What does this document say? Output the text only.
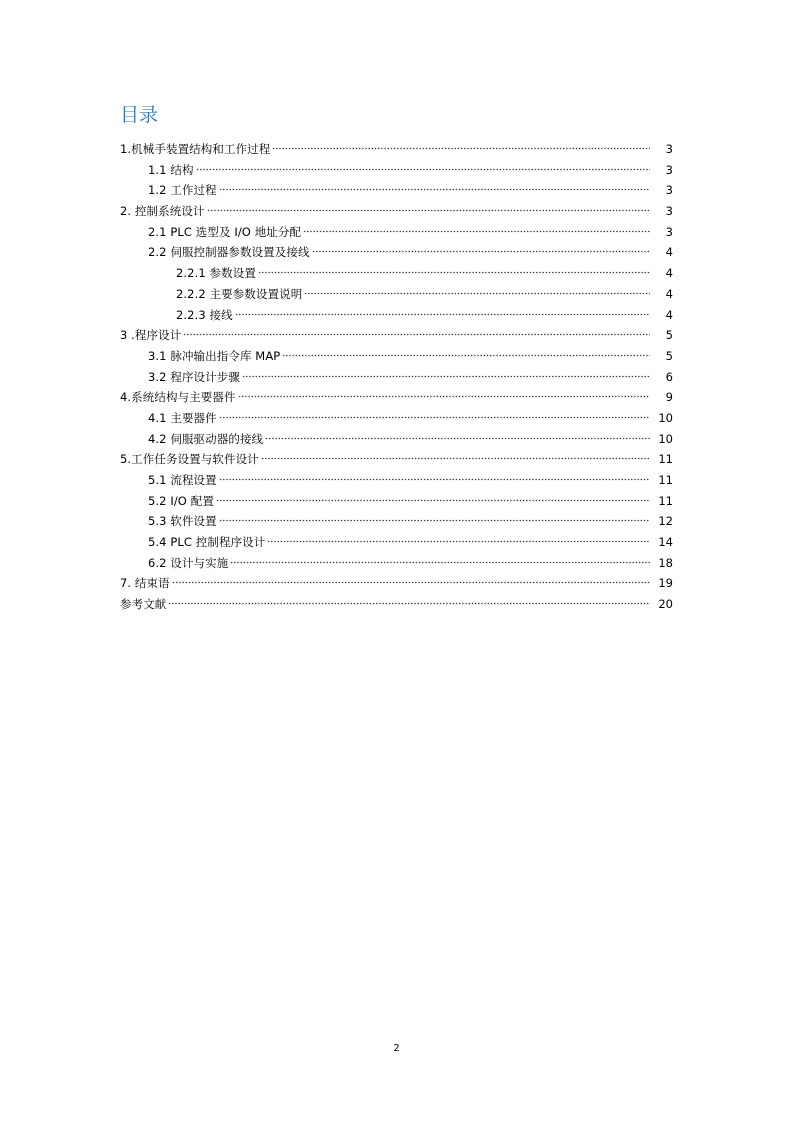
目录
1.机械手装置结构和工作过程	3
1.1 结构	3
1.2 工作过程	3
2. 控制系统设计	3
2.1 PLC 选型及 I/O 地址分配	3
2.2 伺服控制器参数设置及接线	4
2.2.1 参数设置	4
2.2.2 主要参数设置说明	4
2.2.3 接线	4
3 .程序设计	5
3.1 脉冲输出指令库 MAP	5
3.2 程序设计步骤	6
4.系统结构与主要器件	9
4.1 主要器件	10
4.2 伺服驱动器的接线	10
5.工作任务设置与软件设计	11
5.1 流程设置	11
5.2 I/O 配置	11
5.3 软件设置	12
5.4 PLC 控制程序设计	14
6.2 设计与实施	18
7. 结束语	19
参考文献	20
2
